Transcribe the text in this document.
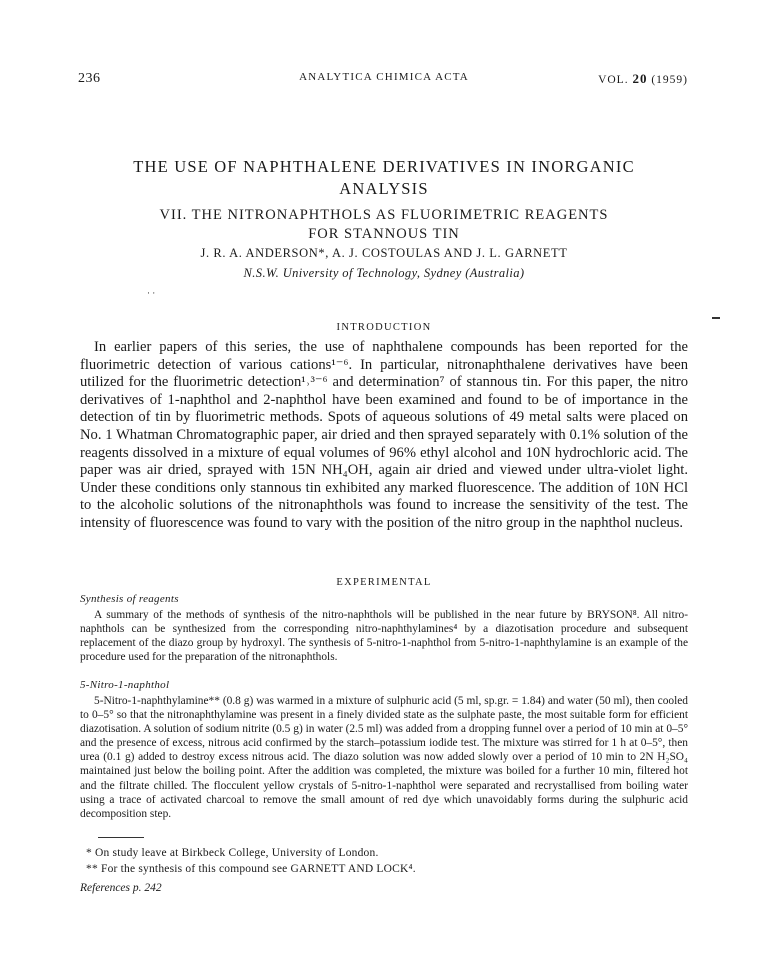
236	ANALYTICA CHIMICA ACTA	VOL. 20 (1959)
THE USE OF NAPHTHALENE DERIVATIVES IN INORGANIC
ANALYSIS
VII. THE NITRONAPHTHOLS AS FLUORIMETRIC REAGENTS
FOR STANNOUS TIN
J. R. A. ANDERSON*, A. J. COSTOULAS AND J. L. GARNETT
N.S.W. University of Technology, Sydney (Australia)
· ·
INTRODUCTION

In earlier papers of this series, the use of naphthalene compounds has been reported for the fluorimetric detection of various cations¹⁻⁶. In particular, nitronaphthalene derivatives have been utilized for the fluorimetric detection¹˒³⁻⁶ and determination⁷ of stannous tin. For this paper, the nitro derivatives of 1-naphthol and 2-naphthol have been examined and found to be of importance in the detection of tin by fluorimetric methods. Spots of aqueous solutions of 49 metal salts were placed on No. 1 Whatman Chromatographic paper, air dried and then sprayed separately with 0.1% solution of the reagents dissolved in a mixture of equal volumes of 96% ethyl alcohol and 10N hydrochloric acid. The paper was air dried, sprayed with 15N NH₄OH, again air dried and viewed under ultra-violet light. Under these conditions only stannous tin exhibited any marked fluorescence. The addition of 10N HCl to the alcoholic solutions of the nitronaphthols was found to increase the sensitivity of the test. The intensity of fluorescence was found to vary with the position of the nitro group in the naphthol nucleus.

EXPERIMENTAL
Synthesis of reagents

A summary of the methods of synthesis of the nitro-naphthols will be published in the near future by BRYSON⁸. All nitro-naphthols can be synthesized from the corresponding nitro-naphthylamines⁴ by a diazotisation procedure and subsequent replacement of the diazo group by hydroxyl. The synthesis of 5-nitro-1-naphthol from 5-nitro-1-naphthylamine is an example of the procedure used for the preparation of the nitronaphthols.

5-Nitro-1-naphthol

5-Nitro-1-naphthylamine** (0.8 g) was warmed in a mixture of sulphuric acid (5 ml, sp.gr. = 1.84) and water (50 ml), then cooled to 0–5° so that the nitronaphthylamine was present in a finely divided state as the sulphate paste, the most suitable form for efficient diazotisation. A solution of sodium nitrite (0.5 g) in water (2.5 ml) was added from a dropping funnel over a period of 10 min at 0–5° and the presence of excess, nitrous acid confirmed by the starch–potassium iodide test. The mixture was stirred for 1 h at 0–5°, then urea (0.1 g) added to destroy excess nitrous acid. The diazo solution was now added slowly over a period of 10 min to 2N H₂SO₄ maintained just below the boiling point. After the addition was completed, the mixture was boiled for a further 10 min, filtered hot and the filtrate chilled. The flocculent yellow crystals of 5-nitro-1-naphthol were separated and recrystallised from boiling water using a trace of activated charcoal to remove the small amount of red dye which unavoidably forms during the sulphuric acid decomposition step.

* On study leave at Birkbeck College, University of London.
** For the synthesis of this compound see GARNETT AND LOCK⁴.
References p. 242
